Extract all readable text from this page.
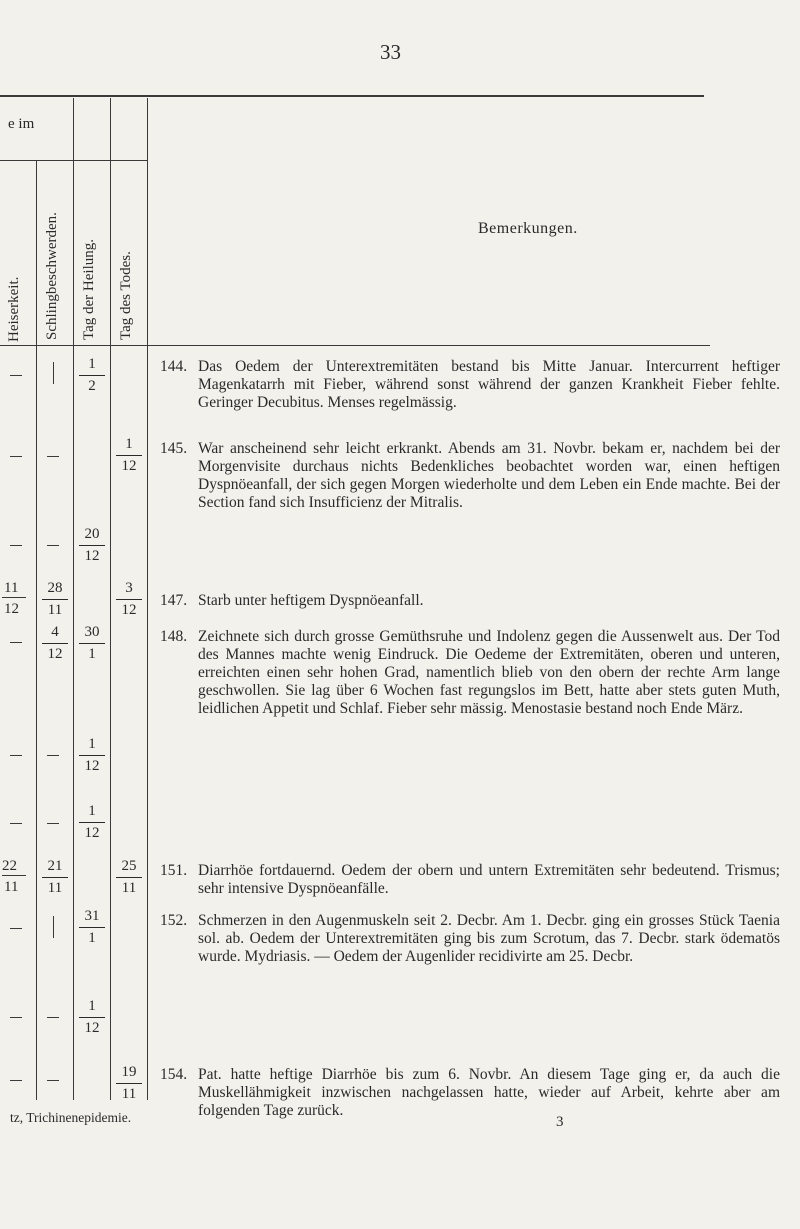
33
e im
Heiserkeit. Schlingbeschwerden. Tag der Heilung. Tag des Todes.
Bemerkungen.
1
2
1
12
20
12
11
12
28
11
3
12
4
12
30
1
1
12
1
12
22
11
21
11
25
11
31
1
1
12
19
11
144. Das Oedem der Unterextremitäten bestand bis Mitte Januar. Intercurrent heftiger Magenkatarrh mit Fieber, während sonst während der ganzen Krankheit Fieber fehlte. Geringer Decubitus. Menses regelmässig.
145. War anscheinend sehr leicht erkrankt. Abends am 31. Novbr. bekam er, nachdem bei der Morgenvisite durchaus nichts Bedenkliches beobachtet worden war, einen heftigen Dyspnöeanfall, der sich gegen Morgen wiederholte und dem Leben ein Ende machte. Bei der Section fand sich Insufficienz der Mitralis.
147. Starb unter heftigem Dyspnöeanfall.
148. Zeichnete sich durch grosse Gemüthsruhe und Indolenz gegen die Aussenwelt aus. Der Tod des Mannes machte wenig Eindruck. Die Oedeme der Extremitäten, oberen und unteren, erreichten einen sehr hohen Grad, namentlich blieb von den obern der rechte Arm lange geschwollen. Sie lag über 6 Wochen fast regungslos im Bett, hatte aber stets guten Muth, leidlichen Appetit und Schlaf. Fieber sehr mässig. Menostasie bestand noch Ende März.
151. Diarrhöe fortdauernd. Oedem der obern und untern Extremitäten sehr bedeutend. Trismus; sehr intensive Dyspnöeanfälle.
152. Schmerzen in den Augenmuskeln seit 2. Decbr. Am 1. Decbr. ging ein grosses Stück Taenia sol. ab. Oedem der Unterextremitäten ging bis zum Scrotum, das 7. Decbr. stark ödematös wurde. Mydriasis. — Oedem der Augenlider recidivirte am 25. Decbr.
154. Pat. hatte heftige Diarrhöe bis zum 6. Novbr. An diesem Tage ging er, da auch die Muskellähmigkeit inzwischen nachgelassen hatte, wieder auf Arbeit, kehrte aber am folgenden Tage zurück.
tz, Trichinenepidemie.	3
